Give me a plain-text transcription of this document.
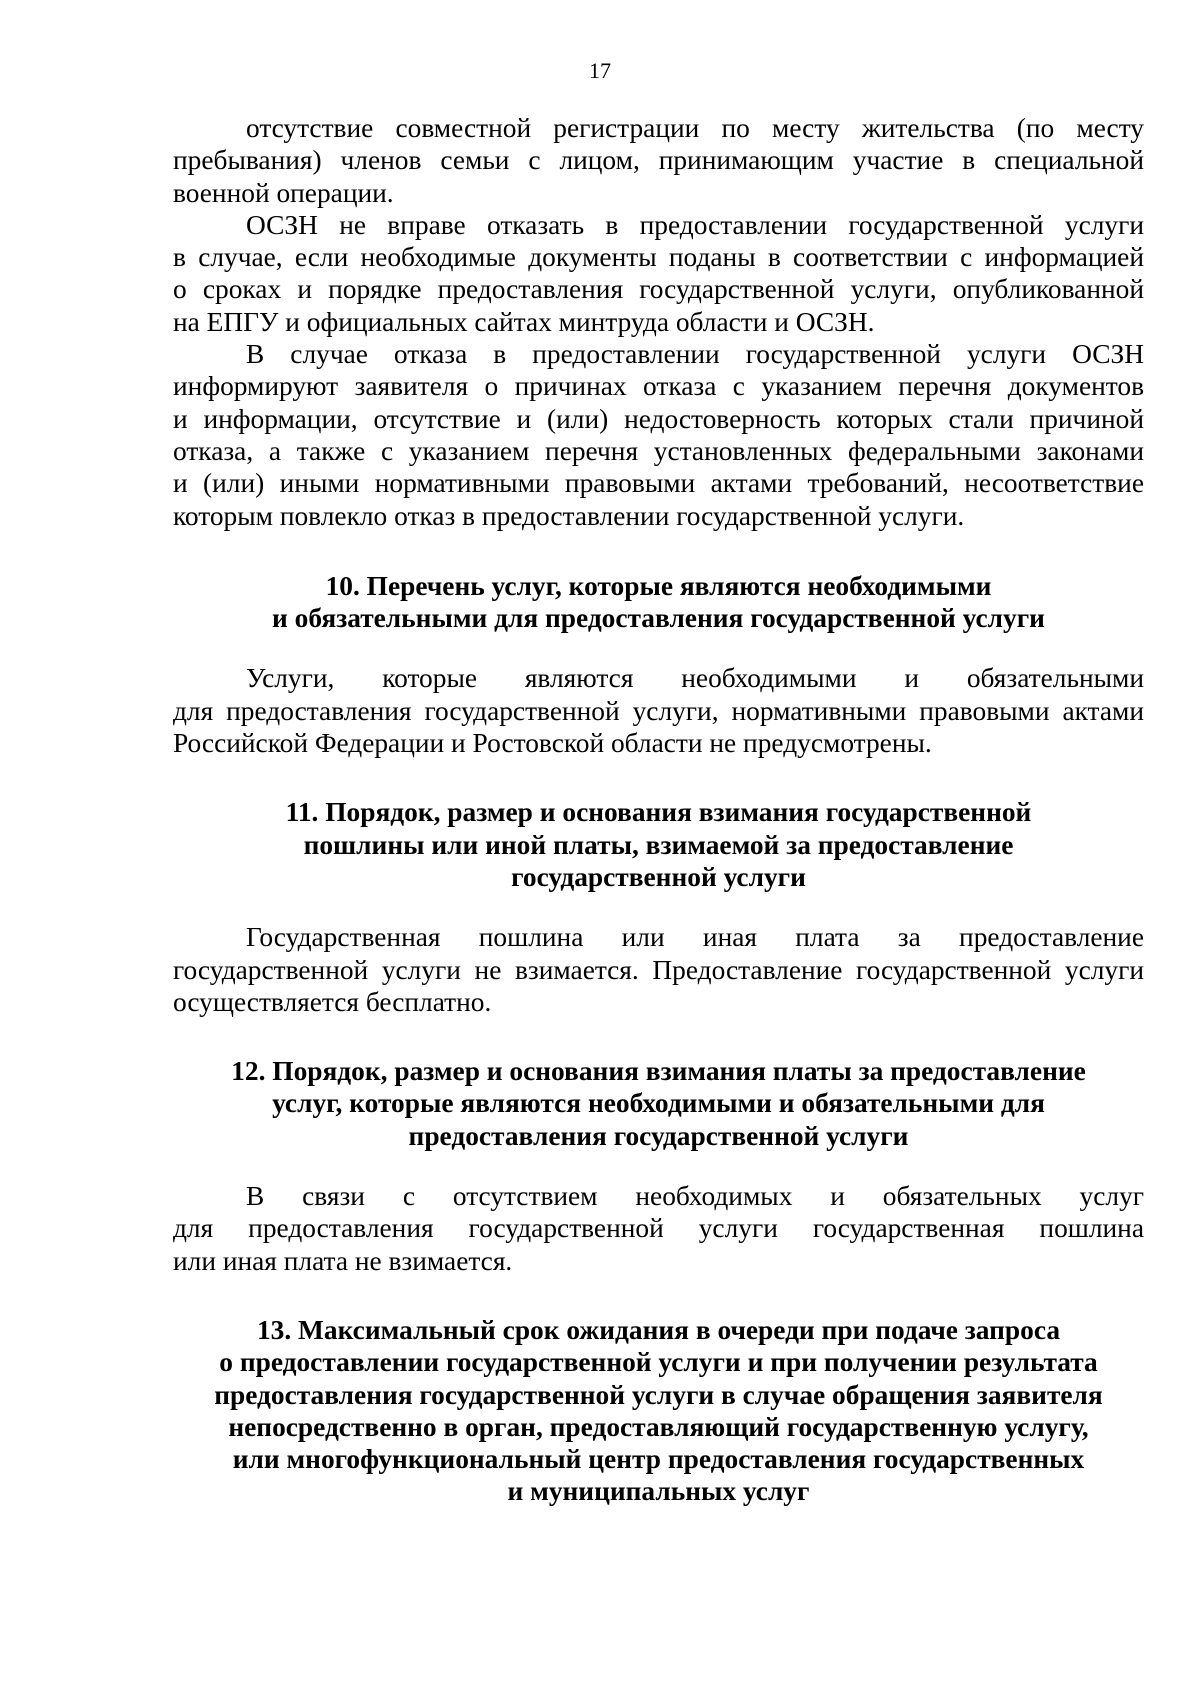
17
отсутствие совместной регистрации по месту жительства (по месту
пребывания) членов семьи с лицом, принимающим участие в специальной
военной операции.
ОСЗН не вправе отказать в предоставлении государственной услуги
в случае, если необходимые документы поданы в соответствии с информацией
о сроках и порядке предоставления государственной услуги, опубликованной
на ЕПГУ и официальных сайтах минтруда области и ОСЗН.
В случае отказа в предоставлении государственной услуги ОСЗН
информируют заявителя о причинах отказа с указанием перечня документов
и информации, отсутствие и (или) недостоверность которых стали причиной
отказа, а также с указанием перечня установленных федеральными законами
и (или) иными нормативными правовыми актами требований, несоответствие
которым повлекло отказ в предоставлении государственной услуги.
10. Перечень услуг, которые являются необходимыми
и обязательными для предоставления государственной услуги
Услуги, которые являются необходимыми и обязательными
для предоставления государственной услуги, нормативными правовыми актами
Российской Федерации и Ростовской области не предусмотрены.
11. Порядок, размер и основания взимания государственной
пошлины или иной платы, взимаемой за предоставление
государственной услуги
Государственная пошлина или иная плата за предоставление
государственной услуги не взимается. Предоставление государственной услуги
осуществляется бесплатно.
12. Порядок, размер и основания взимания платы за предоставление
услуг, которые являются необходимыми и обязательными для
предоставления государственной услуги
В связи с отсутствием необходимых и обязательных услуг
для предоставления государственной услуги государственная пошлина
или иная плата не взимается.
13. Максимальный срок ожидания в очереди при подаче запроса
о предоставлении государственной услуги и при получении результата
предоставления государственной услуги в случае обращения заявителя
непосредственно в орган, предоставляющий государственную услугу,
или многофункциональный центр предоставления государственных
и муниципальных услуг
